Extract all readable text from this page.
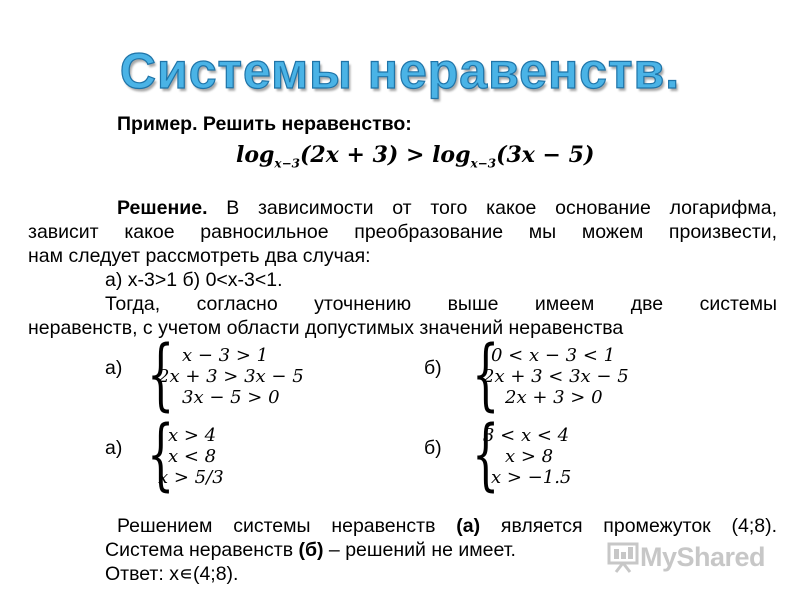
Системы неравенств.
Пример. Решить неравенство:
$\log_{x-3}(2x + 3) > \log_{x-3}(3x - 5)$
Решение. В зависимости от того какое основание логарифма,
зависит какое равносильное преобразование мы можем произвести,
нам следует рассмотреть два случая:
а) x-3>1 б) 0<x-3<1.
Тогда, согласно уточнению выше имеем две системы
неравенств, с учетом области допустимых значений неравенства
а) { x − 3 > 1
2x + 3 > 3x − 5
3x − 5 > 0
б) {
0 < x − 3 < 1
2x + 3 < 3x − 5
2x + 3 > 0
а) {
x > 4
x < 8
x > 5/3
б) {
3 < x < 4
x > 8
x > −1.5
Решением системы неравенств (а) является промежуток (4;8).
Система неравенств (б) – решений не имеет.
Ответ: x∊(4;8).
MyShared
